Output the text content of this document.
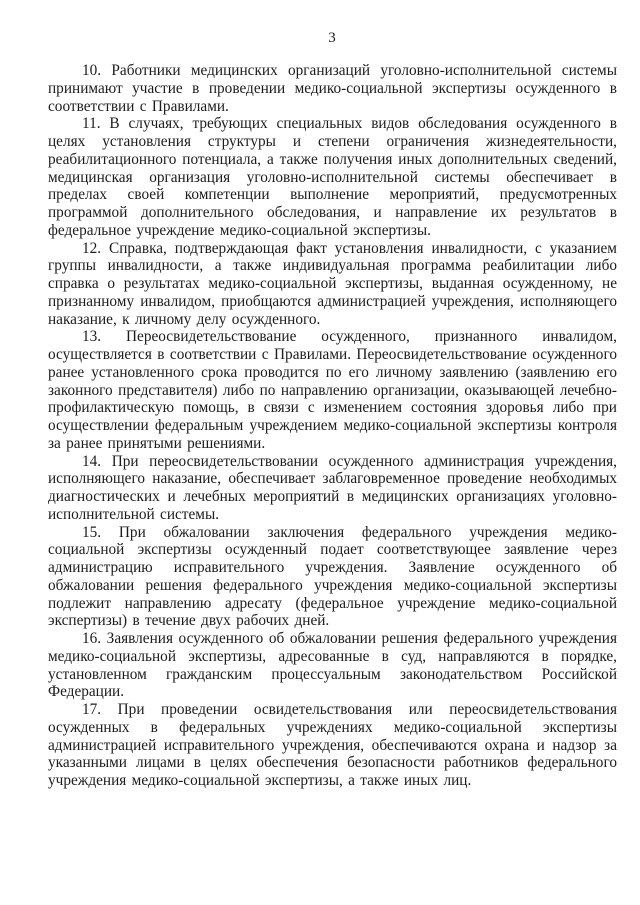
3

10. Работники медицинских организаций уголовно-исполнительной системы принимают участие в проведении медико-социальной экспертизы осужденного в соответствии с Правилами.

11. В случаях, требующих специальных видов обследования осужденного в целях установления структуры и степени ограничения жизнедеятельности, реабилитационного потенциала, а также получения иных дополнительных сведений, медицинская организация уголовно-исполнительной системы обеспечивает в пределах своей компетенции выполнение мероприятий, предусмотренных программой дополнительного обследования, и направление их результатов в федеральное учреждение медико-социальной экспертизы.

12. Справка, подтверждающая факт установления инвалидности, с указанием группы инвалидности, а также индивидуальная программа реабилитации либо справка о результатах медико-социальной экспертизы, выданная осужденному, не признанному инвалидом, приобщаются администрацией учреждения, исполняющего наказание, к личному делу осужденного.

13. Переосвидетельствование осужденного, признанного инвалидом, осуществляется в соответствии с Правилами. Переосвидетельствование осужденного ранее установленного срока проводится по его личному заявлению (заявлению его законного представителя) либо по направлению организации, оказывающей лечебно-профилактическую помощь, в связи с изменением состояния здоровья либо при осуществлении федеральным учреждением медико-социальной экспертизы контроля за ранее принятыми решениями.

14. При переосвидетельствовании осужденного администрация учреждения, исполняющего наказание, обеспечивает заблаговременное проведение необходимых диагностических и лечебных мероприятий в медицинских организациях уголовно-исполнительной системы.

15. При обжаловании заключения федерального учреждения медико-социальной экспертизы осужденный подает соответствующее заявление через администрацию исправительного учреждения. Заявление осужденного об обжаловании решения федерального учреждения медико-социальной экспертизы подлежит направлению адресату (федеральное учреждение медико-социальной экспертизы) в течение двух рабочих дней.

16. Заявления осужденного об обжаловании решения федерального учреждения медико-социальной экспертизы, адресованные в суд, направляются в порядке, установленном гражданским процессуальным законодательством Российской Федерации.

17. При проведении освидетельствования или переосвидетельствования осужденных в федеральных учреждениях медико-социальной экспертизы администрацией исправительного учреждения, обеспечиваются охрана и надзор за указанными лицами в целях обеспечения безопасности работников федерального учреждения медико-социальной экспертизы, а также иных лиц.
